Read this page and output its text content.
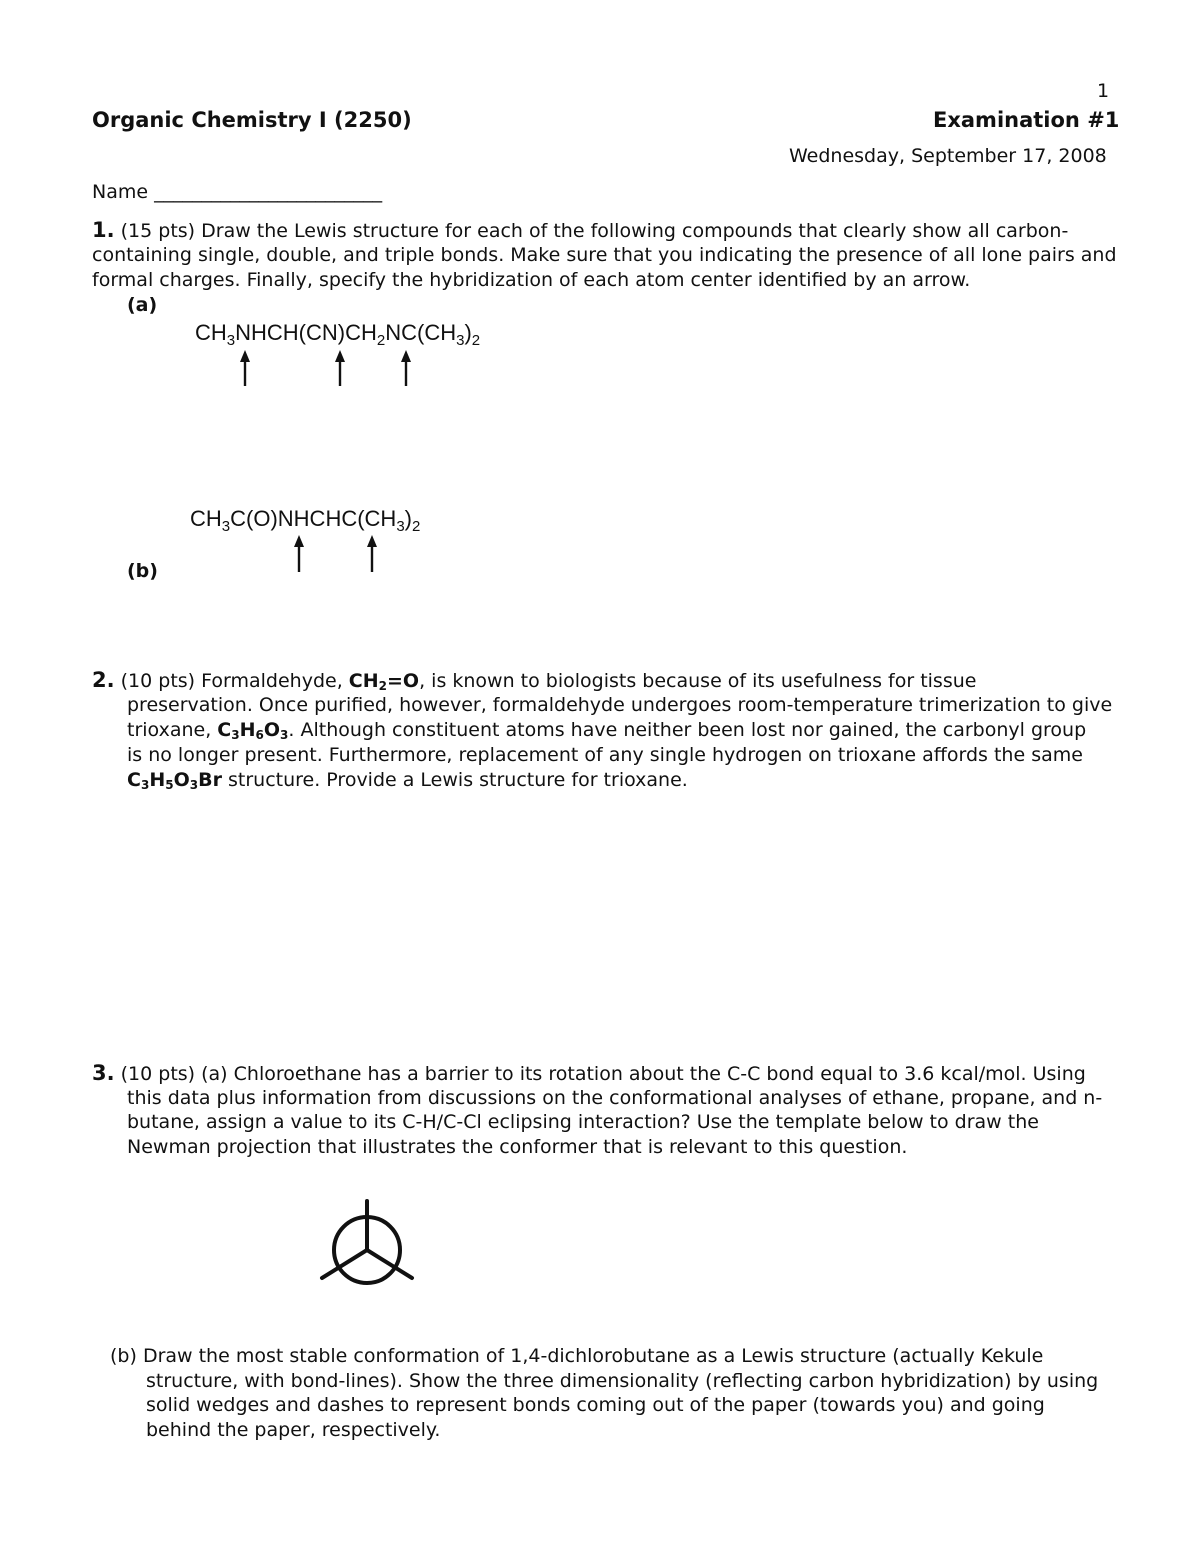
1
Organic Chemistry I (2250)	Examination #1
Wednesday, September 17, 2008
Name ________________________
1. (15 pts) Draw the Lewis structure for each of the following compounds that clearly show all carbon-
containing single, double, and triple bonds. Make sure that you indicating the presence of all lone pairs and
formal charges. Finally, specify the hybridization of each atom center identified by an arrow.
(a)
$CH_3NHCH(CN)CH_2NC(CH_3)_2$
$CH_3C(O)NHCHC(CH_3)_2$
(b)
2. (10 pts) Formaldehyde, $CH_2=O$, is known to biologists because of its usefulness for tissue
preservation. Once purified, however, formaldehyde undergoes room-temperature trimerization to give
trioxane, $C_3H_6O_3$. Although constituent atoms have neither been lost nor gained, the carbonyl group
is no longer present. Furthermore, replacement of any single hydrogen on trioxane affords the same
$C_3H_5O_3Br$ structure. Provide a Lewis structure for trioxane.
3. (10 pts) (a) Chloroethane has a barrier to its rotation about the C-C bond equal to 3.6 kcal/mol. Using
this data plus information from discussions on the conformational analyses of ethane, propane, and n-
butane, assign a value to its C-H/C-Cl eclipsing interaction? Use the template below to draw the
Newman projection that illustrates the conformer that is relevant to this question.
(b) Draw the most stable conformation of 1,4-dichlorobutane as a Lewis structure (actually Kekule
structure, with bond-lines). Show the three dimensionality (reflecting carbon hybridization) by using
solid wedges and dashes to represent bonds coming out of the paper (towards you) and going
behind the paper, respectively.
